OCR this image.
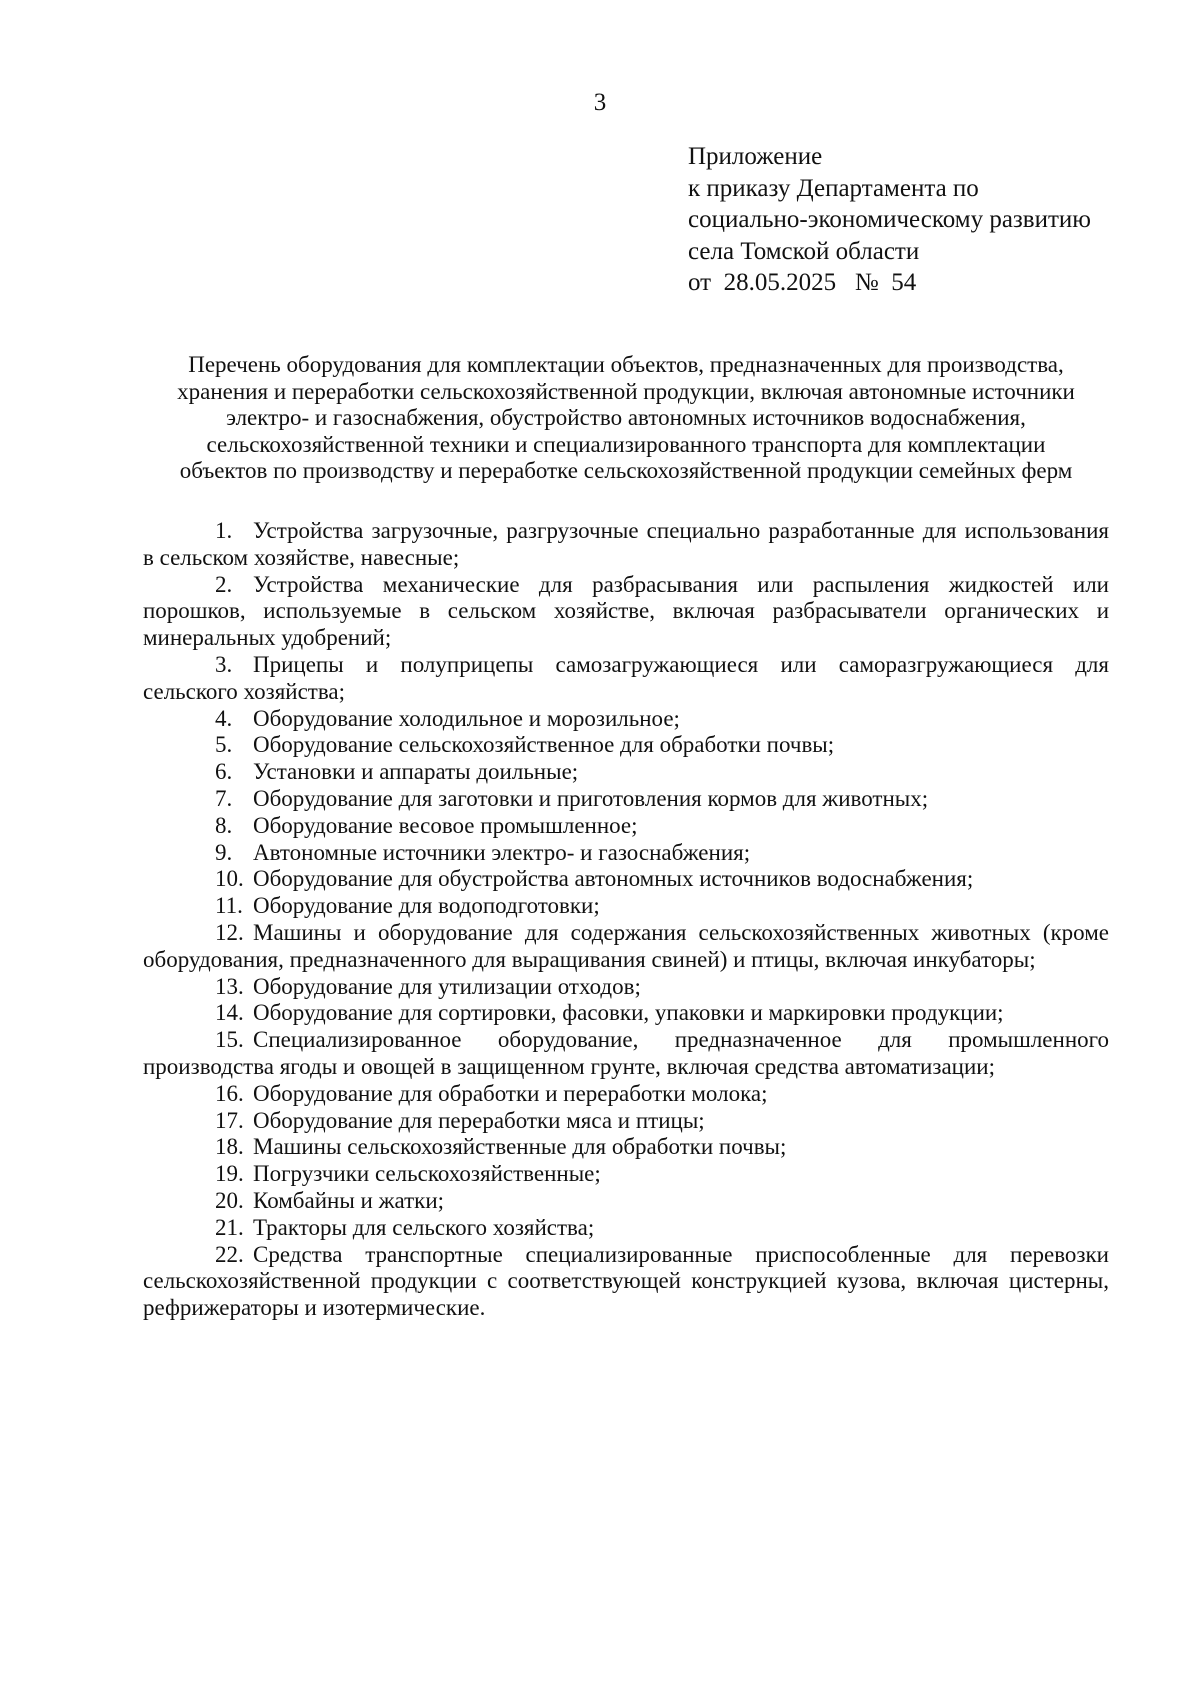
3
Приложение
к приказу Департамента по
социально-экономическому развитию
села Томской области
от  28.05.2025   №  54
Перечень оборудования для комплектации объектов, предназначенных для производства,
хранения и переработки сельскохозяйственной продукции, включая автономные источники
электро- и газоснабжения, обустройство автономных источников водоснабжения,
сельскохозяйственной техники и специализированного транспорта для комплектации
объектов по производству и переработке сельскохозяйственной продукции семейных ферм
1. Устройства загрузочные, разгрузочные специально разработанные для использования в сельском хозяйстве, навесные;
2. Устройства механические для разбрасывания или распыления жидкостей или порошков, используемые в сельском хозяйстве, включая разбрасыватели органических и минеральных удобрений;
3. Прицепы и полуприцепы самозагружающиеся или саморазгружающиеся для сельского хозяйства;
4. Оборудование холодильное и морозильное;
5. Оборудование сельскохозяйственное для обработки почвы;
6. Установки и аппараты доильные;
7. Оборудование для заготовки и приготовления кормов для животных;
8. Оборудование весовое промышленное;
9. Автономные источники электро- и газоснабжения;
10. Оборудование для обустройства автономных источников водоснабжения;
11. Оборудование для водоподготовки;
12. Машины и оборудование для содержания сельскохозяйственных животных (кроме оборудования, предназначенного для выращивания свиней) и птицы, включая инкубаторы;
13. Оборудование для утилизации отходов;
14. Оборудование для сортировки, фасовки, упаковки и маркировки продукции;
15. Специализированное оборудование, предназначенное для промышленного производства ягоды и овощей в защищенном грунте, включая средства автоматизации;
16. Оборудование для обработки и переработки молока;
17. Оборудование для переработки мяса и птицы;
18. Машины сельскохозяйственные для обработки почвы;
19. Погрузчики сельскохозяйственные;
20. Комбайны и жатки;
21. Тракторы для сельского хозяйства;
22. Средства транспортные специализированные приспособленные для перевозки сельскохозяйственной продукции с соответствующей конструкцией кузова, включая цистерны, рефрижераторы и изотермические.
